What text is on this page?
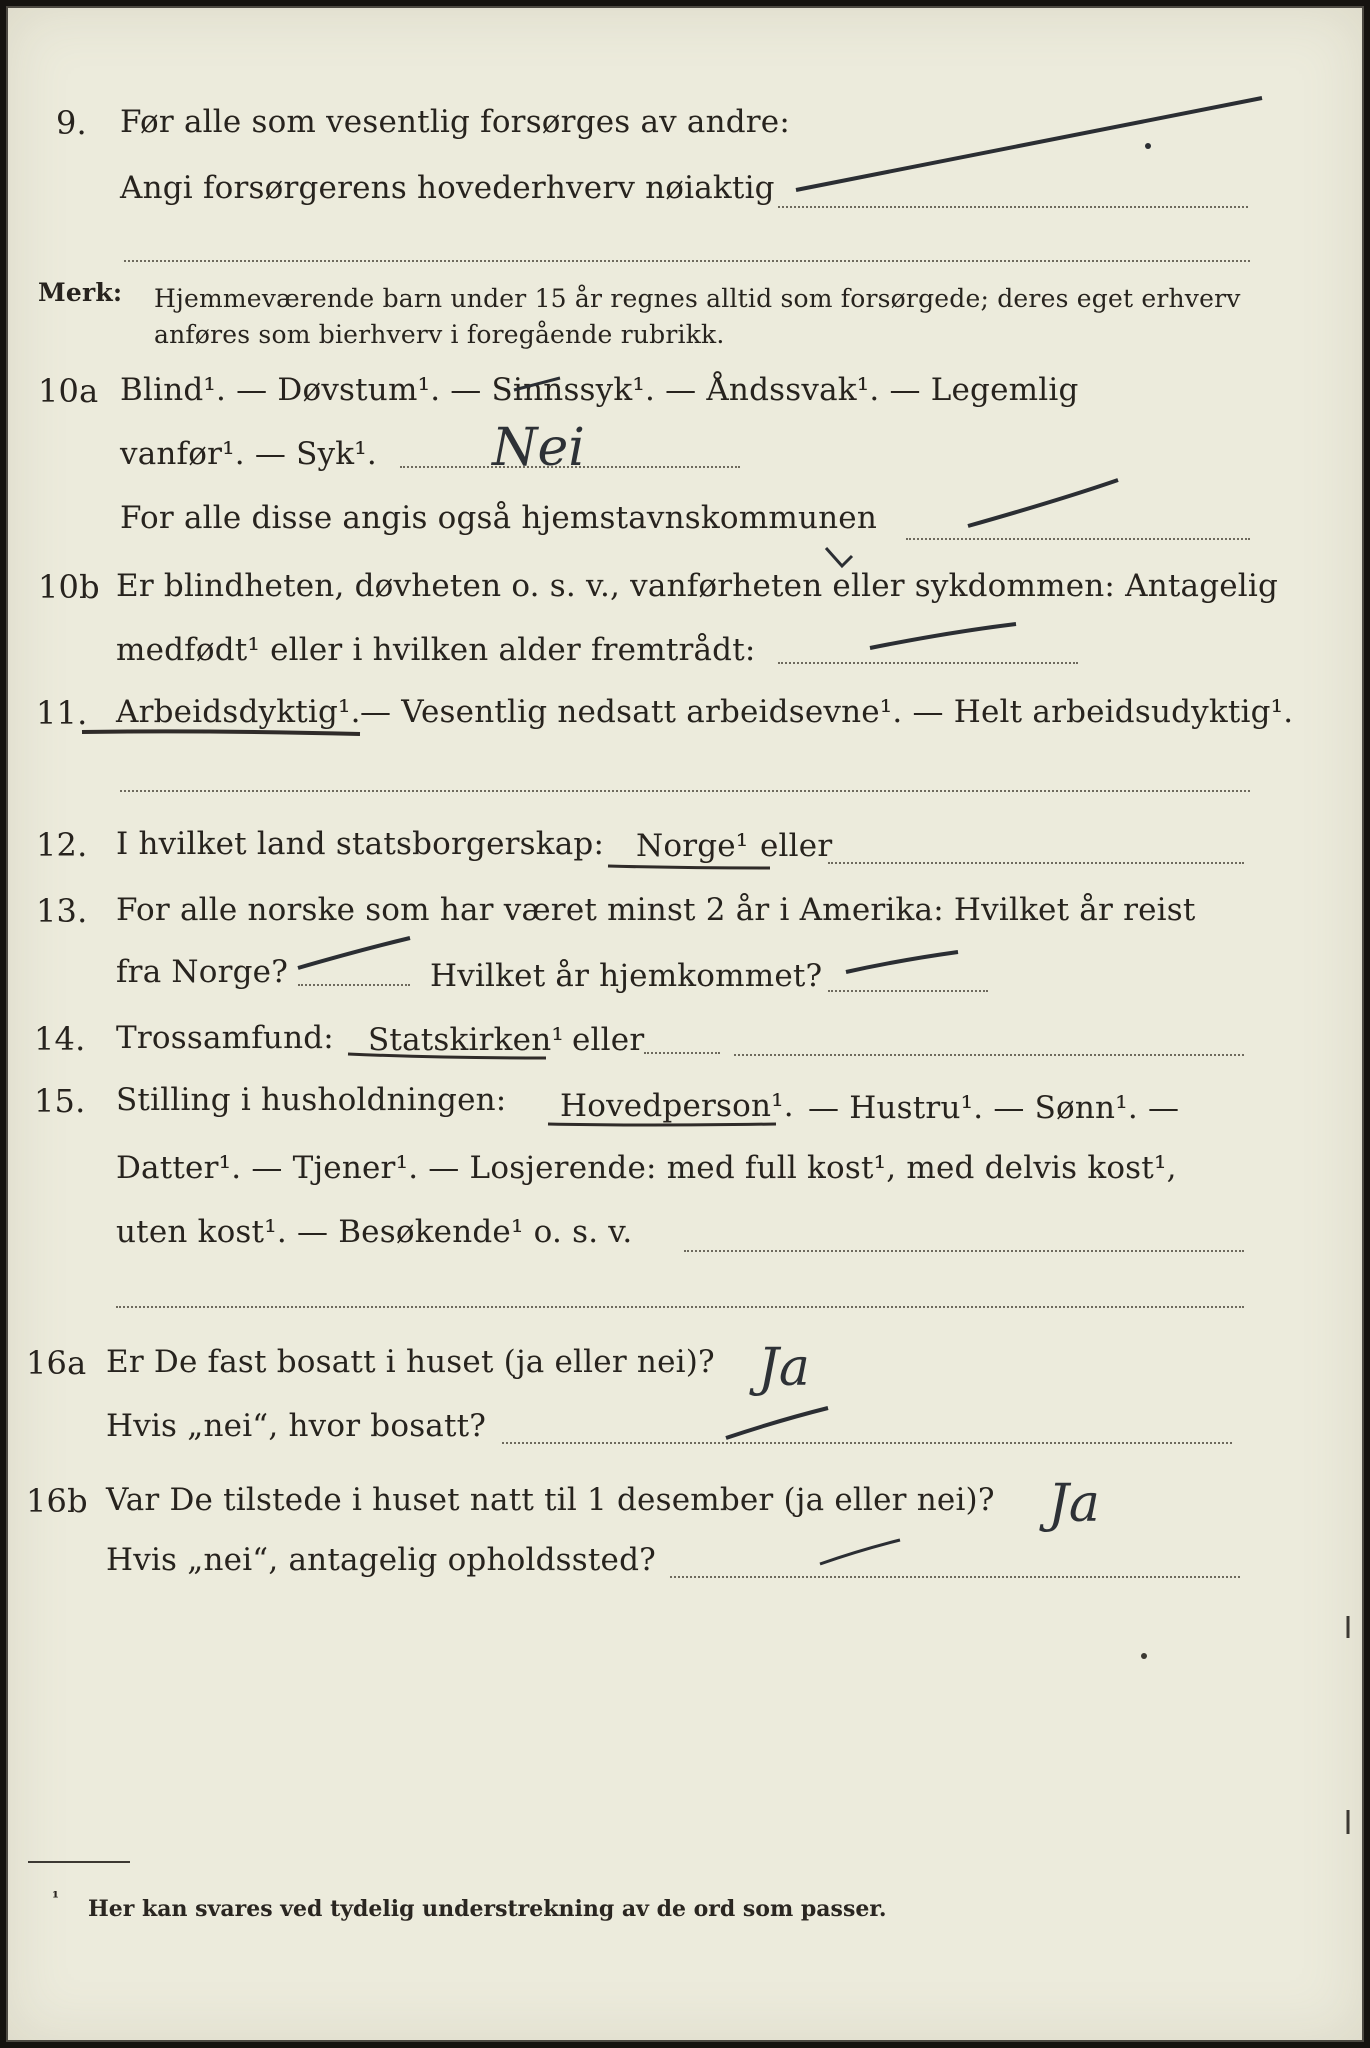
9. Før alle som vesentlig forsørges av andre:
Angi forsørgerens hovederhverv nøiaktig
Merk: Hjemmeværende barn under 15 år regnes alltid som forsørgede; deres eget erhverv
anføres som bierhverv i foregående rubrikk.
10a Blind¹. — Døvstum¹. — Sinnssyk¹. — Åndssvak¹. — Legemlig
vanfør¹. — Syk¹. Nei
For alle disse angis også hjemstavnskommunen
10b Er blindheten, døvheten o. s. v., vanførheten eller sykdommen: Antagelig
medfødt¹ eller i hvilken alder fremtrådt:
11. Arbeidsdyktig¹. — Vesentlig nedsatt arbeidsevne¹. — Helt arbeidsudyktig¹.
12. I hvilket land statsborgerskap: Norge¹ eller
13. For alle norske som har været minst 2 år i Amerika: Hvilket år reist
fra Norge?	Hvilket år hjemkommet?
14. Trossamfund: Statskirken¹ eller
15. Stilling i husholdningen: Hovedperson¹. — Hustru¹. — Sønn¹. —
Datter¹. — Tjener¹. — Losjerende: med full kost¹, med delvis kost¹,
uten kost¹. — Besøkende¹ o. s. v.
16a Er De fast bosatt i huset (ja eller nei)? Ja
Hvis „nei“, hvor bosatt?
16b Var De tilstede i huset natt til 1 desember (ja eller nei)? Ja
Hvis „nei“, antagelig opholdssted?
¹ Her kan svares ved tydelig understrekning av de ord som passer.
